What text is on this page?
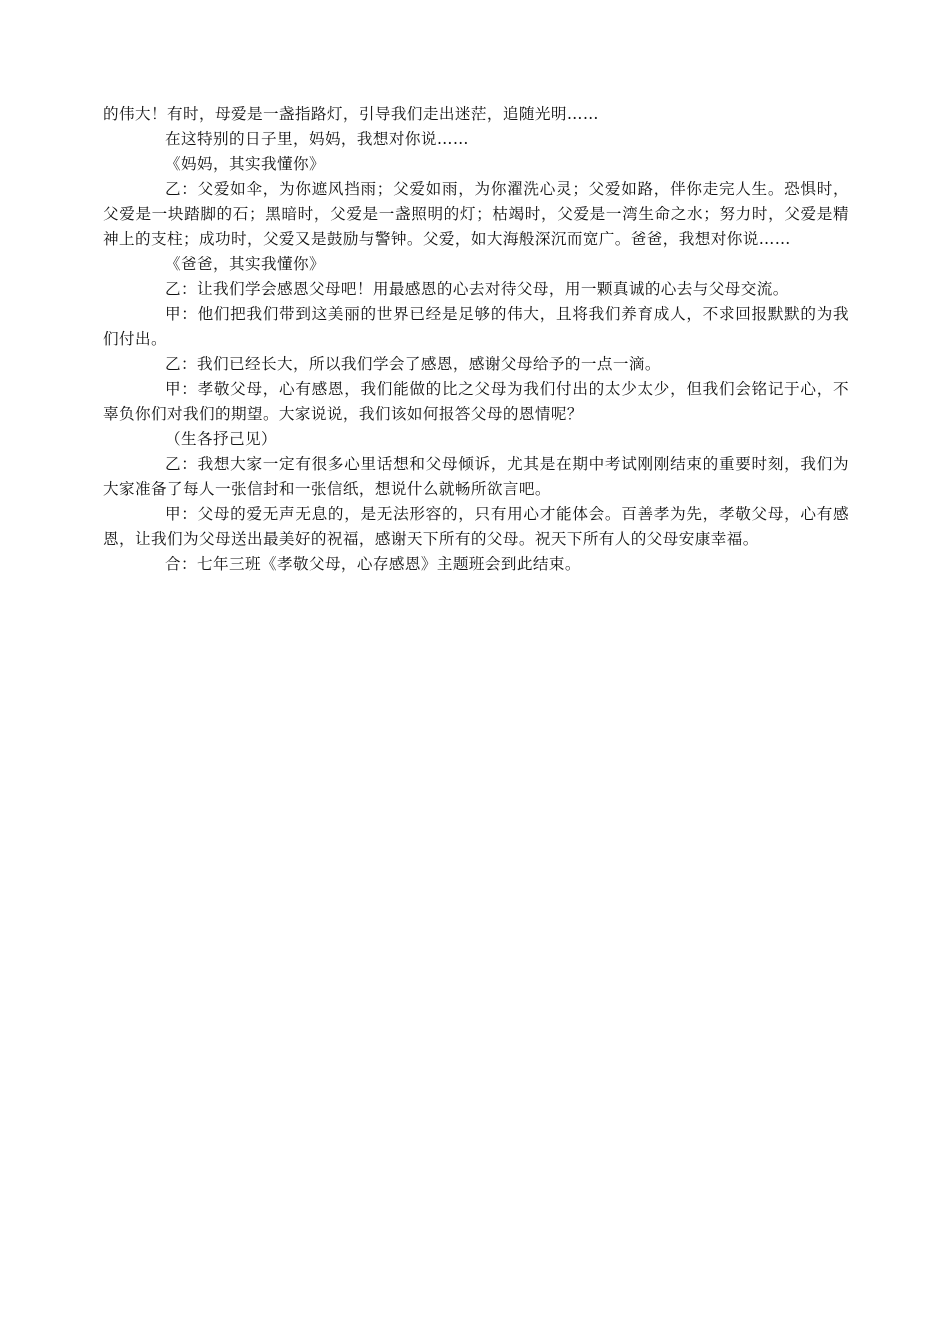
的伟大！有时，母爱是一盏指路灯，引导我们走出迷茫，追随光明……

在这特别的日子里，妈妈，我想对你说……

《妈妈，其实我懂你》

乙：父爱如伞，为你遮风挡雨；父爱如雨，为你濯洗心灵；父爱如路，伴你走完人生。恐惧时，父爱是一块踏脚的石；黑暗时，父爱是一盏照明的灯；枯竭时，父爱是一湾生命之水；努力时，父爱是精神上的支柱；成功时，父爱又是鼓励与警钟。父爱，如大海般深沉而宽广。爸爸，我想对你说……

《爸爸，其实我懂你》

乙：让我们学会感恩父母吧！用最感恩的心去对待父母，用一颗真诚的心去与父母交流。

甲：他们把我们带到这美丽的世界已经是足够的伟大，且将我们养育成人，不求回报默默的为我们付出。

乙：我们已经长大，所以我们学会了感恩，感谢父母给予的一点一滴。

甲：孝敬父母，心有感恩，我们能做的比之父母为我们付出的太少太少，但我们会铭记于心，不辜负你们对我们的期望。大家说说，我们该如何报答父母的恩情呢？

（生各抒己见）

乙：我想大家一定有很多心里话想和父母倾诉，尤其是在期中考试刚刚结束的重要时刻，我们为大家准备了每人一张信封和一张信纸，想说什么就畅所欲言吧。

甲：父母的爱无声无息的，是无法形容的，只有用心才能体会。百善孝为先，孝敬父母，心有感恩，让我们为父母送出最美好的祝福，感谢天下所有的父母。祝天下所有人的父母安康幸福。

合：七年三班《孝敬父母，心存感恩》主题班会到此结束。
